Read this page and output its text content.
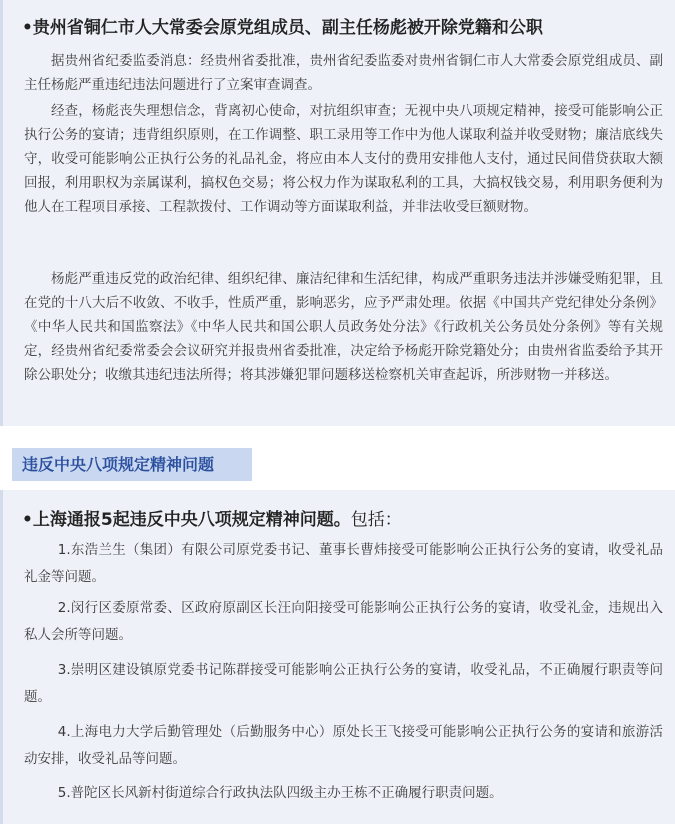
•贵州省铜仁市人大常委会原党组成员、副主任杨彪被开除党籍和公职
据贵州省纪委监委消息：经贵州省委批准，贵州省纪委监委对贵州省铜仁市人大常委会原党组成员、副主任杨彪严重违纪违法问题进行了立案审查调查。
经查，杨彪丧失理想信念，背离初心使命，对抗组织审查；无视中央八项规定精神，接受可能影响公正执行公务的宴请；违背组织原则，在工作调整、职工录用等工作中为他人谋取利益并收受财物；廉洁底线失守，收受可能影响公正执行公务的礼品礼金，将应由本人支付的费用安排他人支付，通过民间借贷获取大额回报，利用职权为亲属谋利，搞权色交易；将公权力作为谋取私利的工具，大搞权钱交易，利用职务便利为他人在工程项目承接、工程款拨付、工作调动等方面谋取利益，并非法收受巨额财物。
杨彪严重违反党的政治纪律、组织纪律、廉洁纪律和生活纪律，构成严重职务违法并涉嫌受贿犯罪，且在党的十八大后不收敛、不收手，性质严重，影响恶劣，应予严肃处理。依据《中国共产党纪律处分条例》《中华人民共和国监察法》《中华人民共和国公职人员政务处分法》《行政机关公务员处分条例》等有关规定，经贵州省纪委常委会会议研究并报贵州省委批准，决定给予杨彪开除党籍处分；由贵州省监委给予其开除公职处分；收缴其违纪违法所得；将其涉嫌犯罪问题移送检察机关审查起诉，所涉财物一并移送。
违反中央八项规定精神问题
•上海通报5起违反中央八项规定精神问题。包括：
1.东浩兰生（集团）有限公司原党委书记、董事长曹炜接受可能影响公正执行公务的宴请，收受礼品礼金等问题。
2.闵行区委原常委、区政府原副区长汪向阳接受可能影响公正执行公务的宴请，收受礼金，违规出入私人会所等问题。
3.崇明区建设镇原党委书记陈群接受可能影响公正执行公务的宴请，收受礼品，不正确履行职责等问题。
4.上海电力大学后勤管理处（后勤服务中心）原处长王飞接受可能影响公正执行公务的宴请和旅游活动安排，收受礼品等问题。
5.普陀区长风新村街道综合行政执法队四级主办王栋不正确履行职责问题。
